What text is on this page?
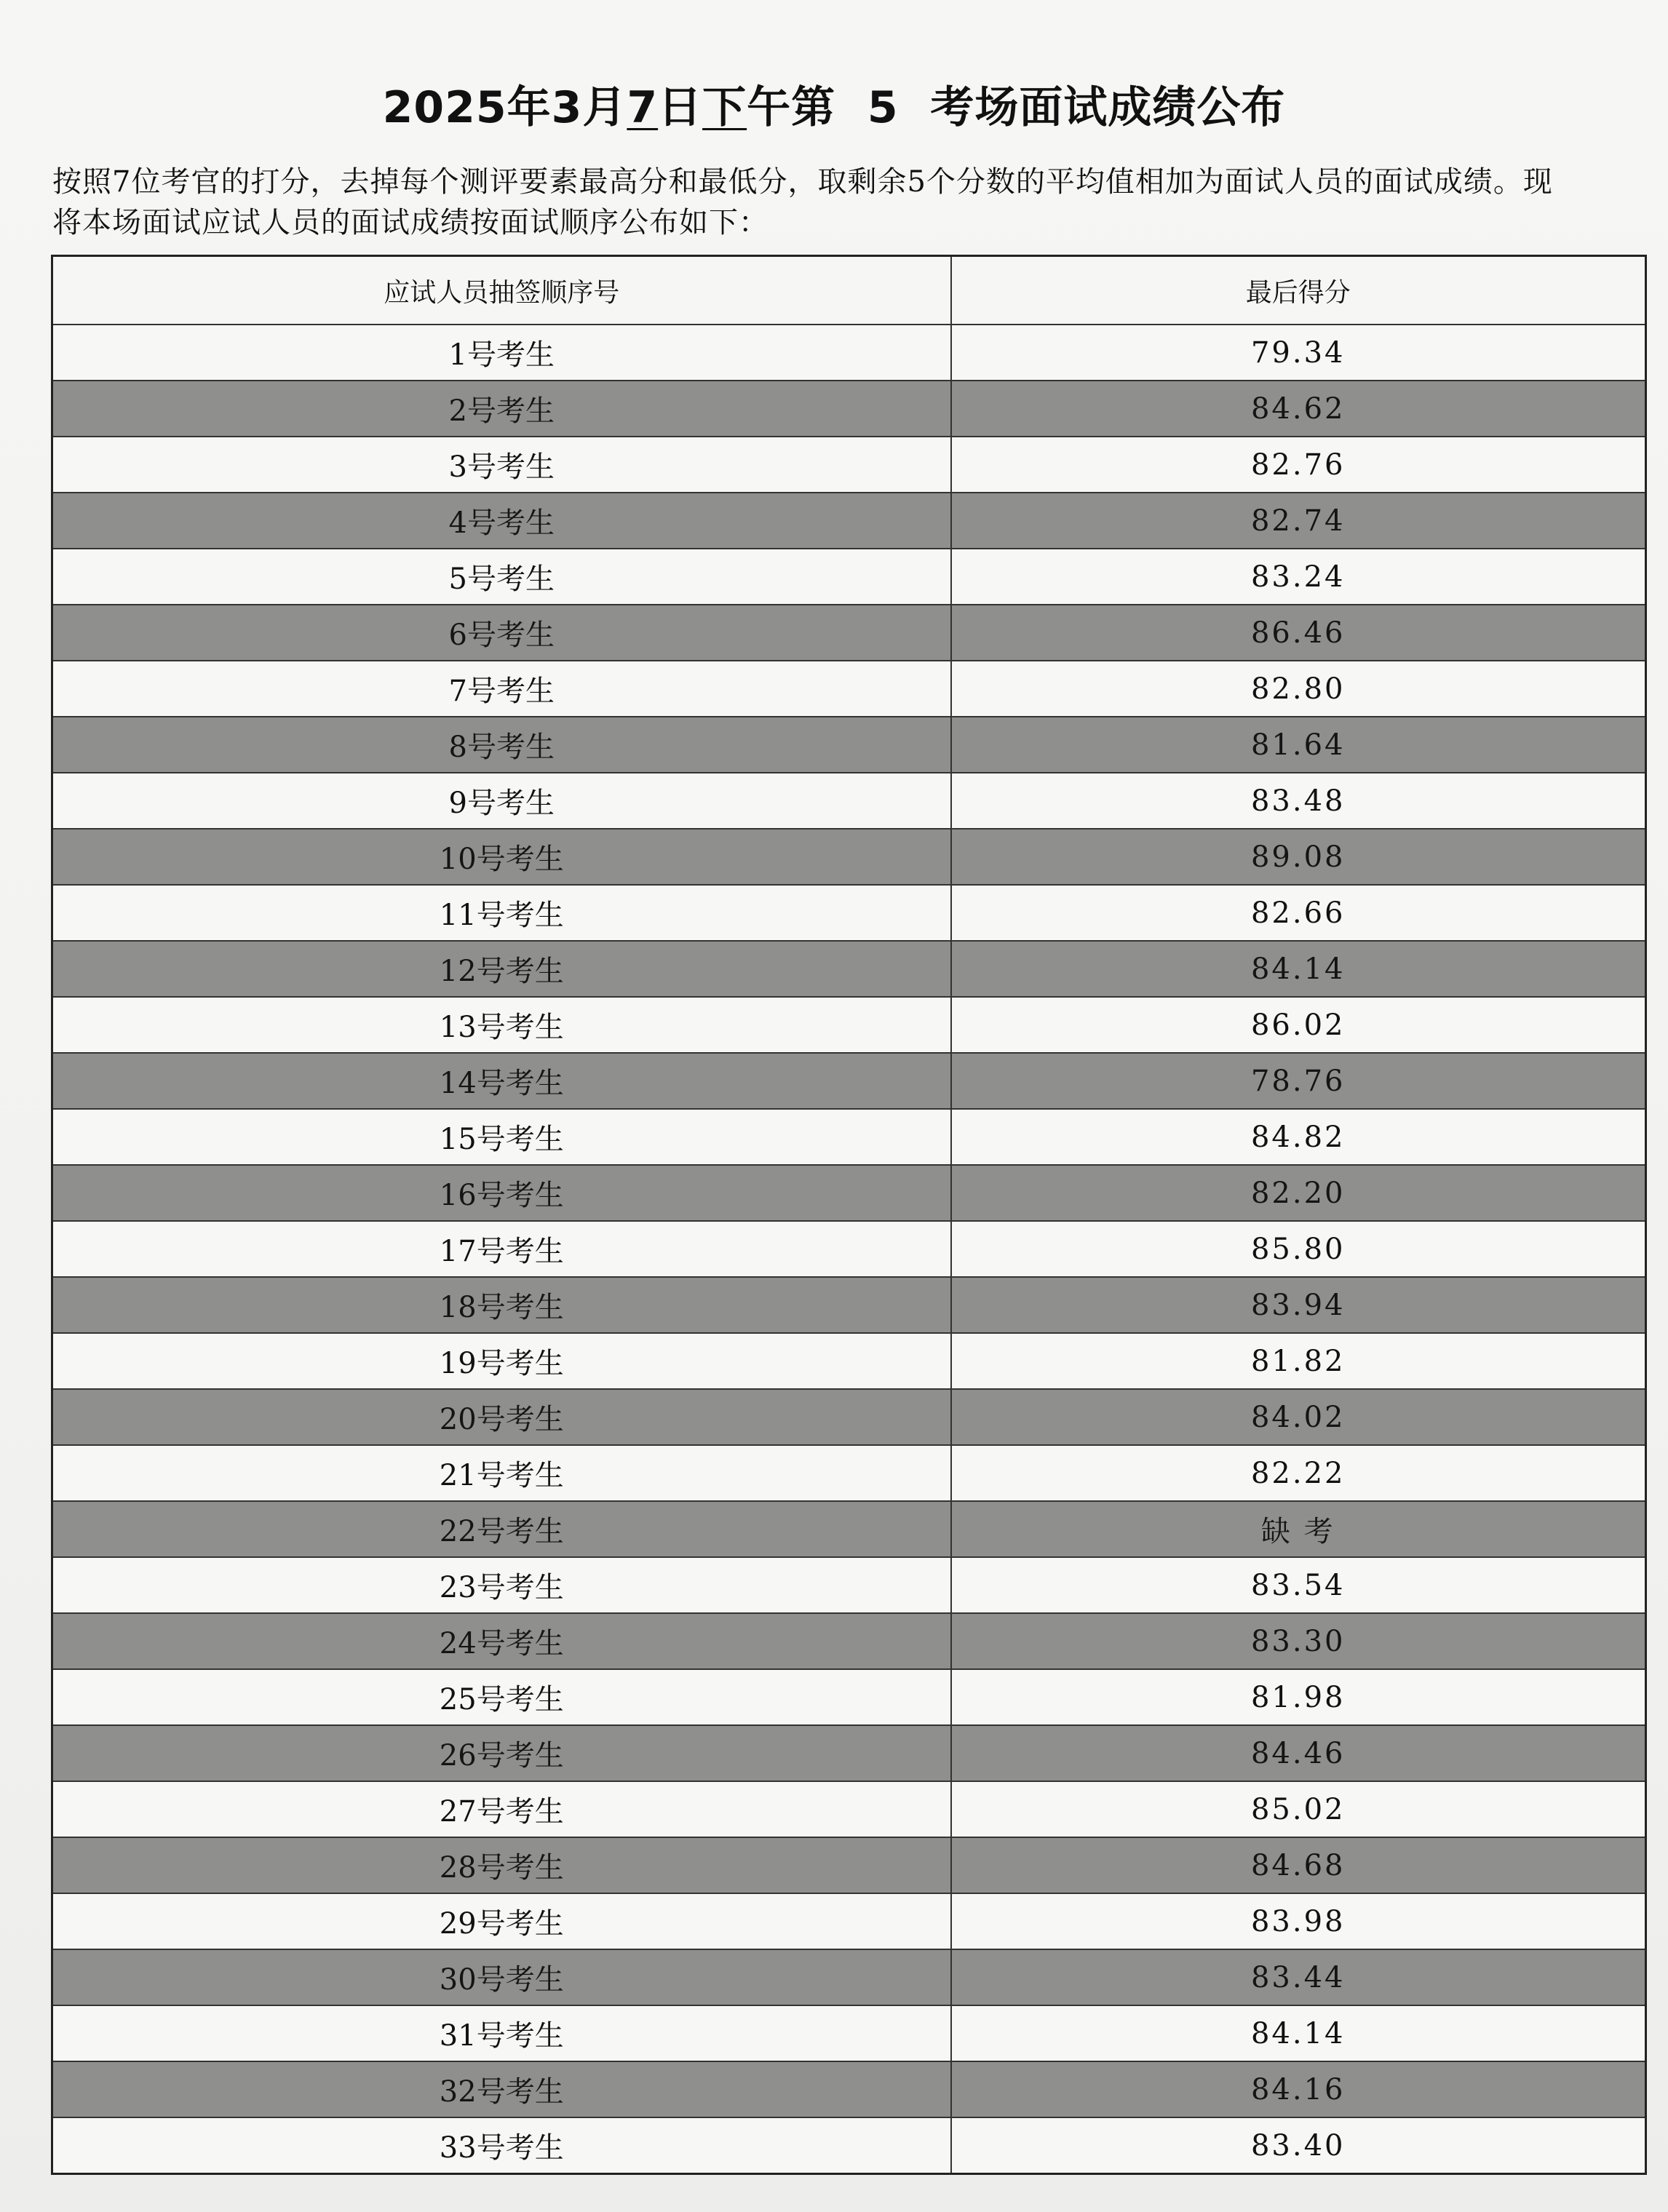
2025年3月7日下午第  5  考场面试成绩公布

按照7位考官的打分，去掉每个测评要素最高分和最低分，取剩余5个分数的平均值相加为面试人员的面试成绩。现

将本场面试应试人员的面试成绩按面试顺序公布如下：

应试人员抽签顺序号	最后得分
1号考生	79.34
2号考生	84.62
3号考生	82.76
4号考生	82.74
5号考生	83.24
6号考生	86.46
7号考生	82.80
8号考生	81.64
9号考生	83.48
10号考生	89.08
11号考生	82.66
12号考生	84.14
13号考生	86.02
14号考生	78.76
15号考生	84.82
16号考生	82.20
17号考生	85.80
18号考生	83.94
19号考生	81.82
20号考生	84.02
21号考生	82.22
22号考生	缺 考
23号考生	83.54
24号考生	83.30
25号考生	81.98
26号考生	84.46
27号考生	85.02
28号考生	84.68
29号考生	83.98
30号考生	83.44
31号考生	84.14
32号考生	84.16
33号考生	83.40
